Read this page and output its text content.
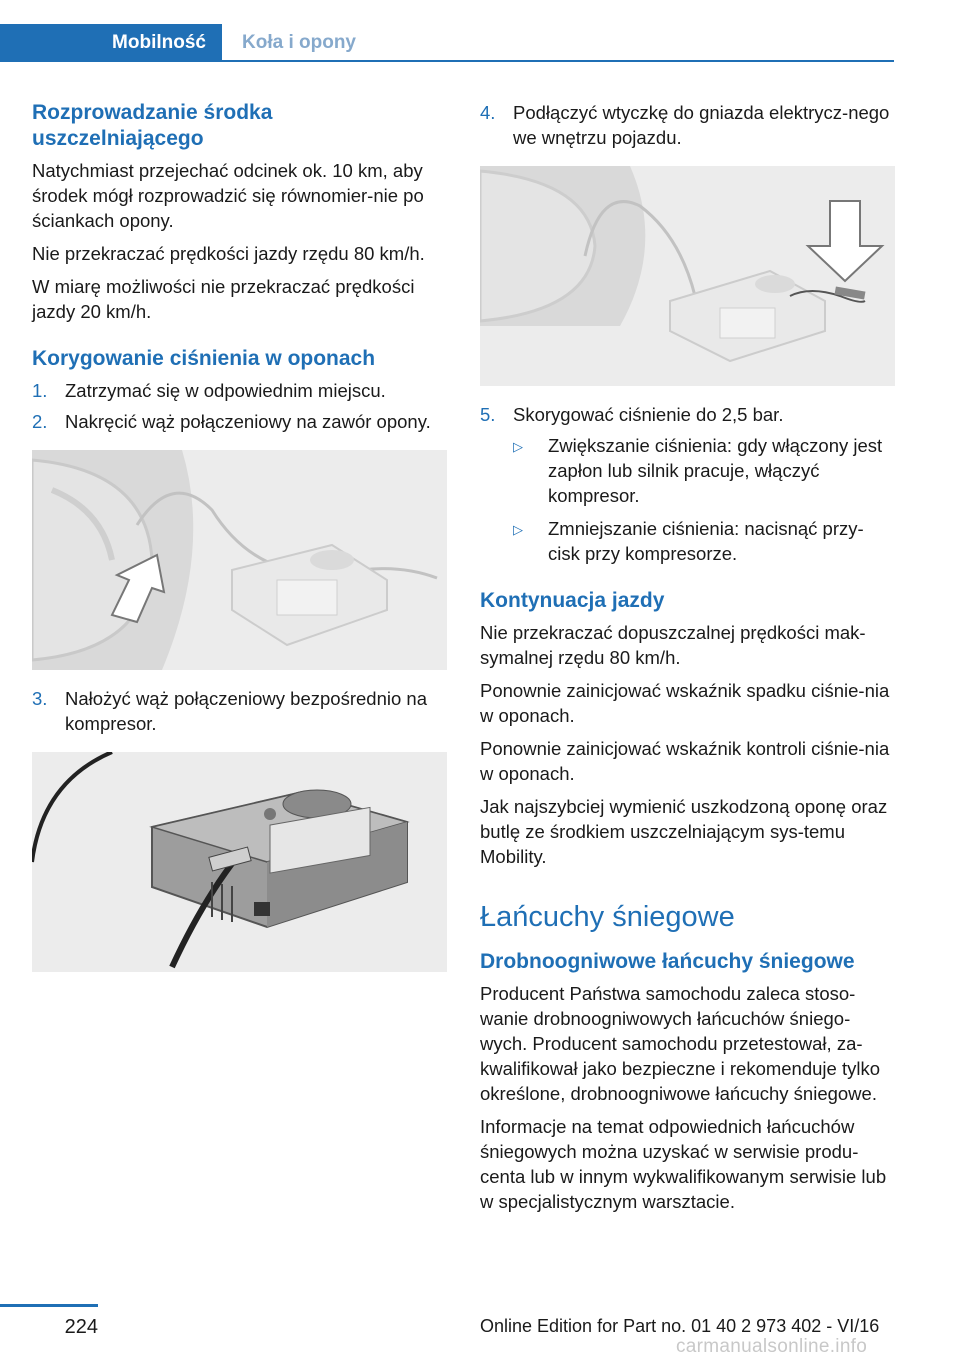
Mobilność	Koła i opony
Rozprowadzanie środka uszczelniającego
Natychmiast przejechać odcinek ok. 10 km, aby środek mógł rozprowadzić się równomier-nie po ściankach opony.
Nie przekraczać prędkości jazdy rzędu 80 km/h.
W miarę możliwości nie przekraczać prędkości jazdy 20 km/h.
Korygowanie ciśnienia w oponach
1. Zatrzymać się w odpowiednim miejscu.
2. Nakręcić wąż połączeniowy na zawór opony.
3. Nałożyć wąż połączeniowy bezpośrednio na kompresor.
4. Podłączyć wtyczkę do gniazda elektrycz-nego we wnętrzu pojazdu.
5. Skorygować ciśnienie do 2,5 bar.
▷	Zwiększanie ciśnienia: gdy włączony jest zapłon lub silnik pracuje, włączyć kompresor.
▷	Zmniejszanie ciśnienia: nacisnąć przy-cisk przy kompresorze.
Kontynuacja jazdy
Nie przekraczać dopuszczalnej prędkości mak-symalnej rzędu 80 km/h.
Ponownie zainicjować wskaźnik spadku ciśnie-nia w oponach.
Ponownie zainicjować wskaźnik kontroli ciśnie-nia w oponach.
Jak najszybciej wymienić uszkodzoną oponę oraz butlę ze środkiem uszczelniającym sys-temu Mobility.
Łańcuchy śniegowe
Drobnoogniwowe łańcuchy śniegowe
Producent Państwa samochodu zaleca stoso-wanie drobnoogniwowych łańcuchów śniego-wych. Producent samochodu przetestował, za-kwalifikował jako bezpieczne i rekomenduje tylko określone, drobnoogniwowe łańcuchy śniegowe.
Informacje na temat odpowiednich łańcuchów śniegowych można uzyskać w serwisie produ-centa lub w innym wykwalifikowanym serwisie lub w specjalistycznym warsztacie.
224	Online Edition for Part no. 01 40 2 973 402 - VI/16
carmanualsonline.info
